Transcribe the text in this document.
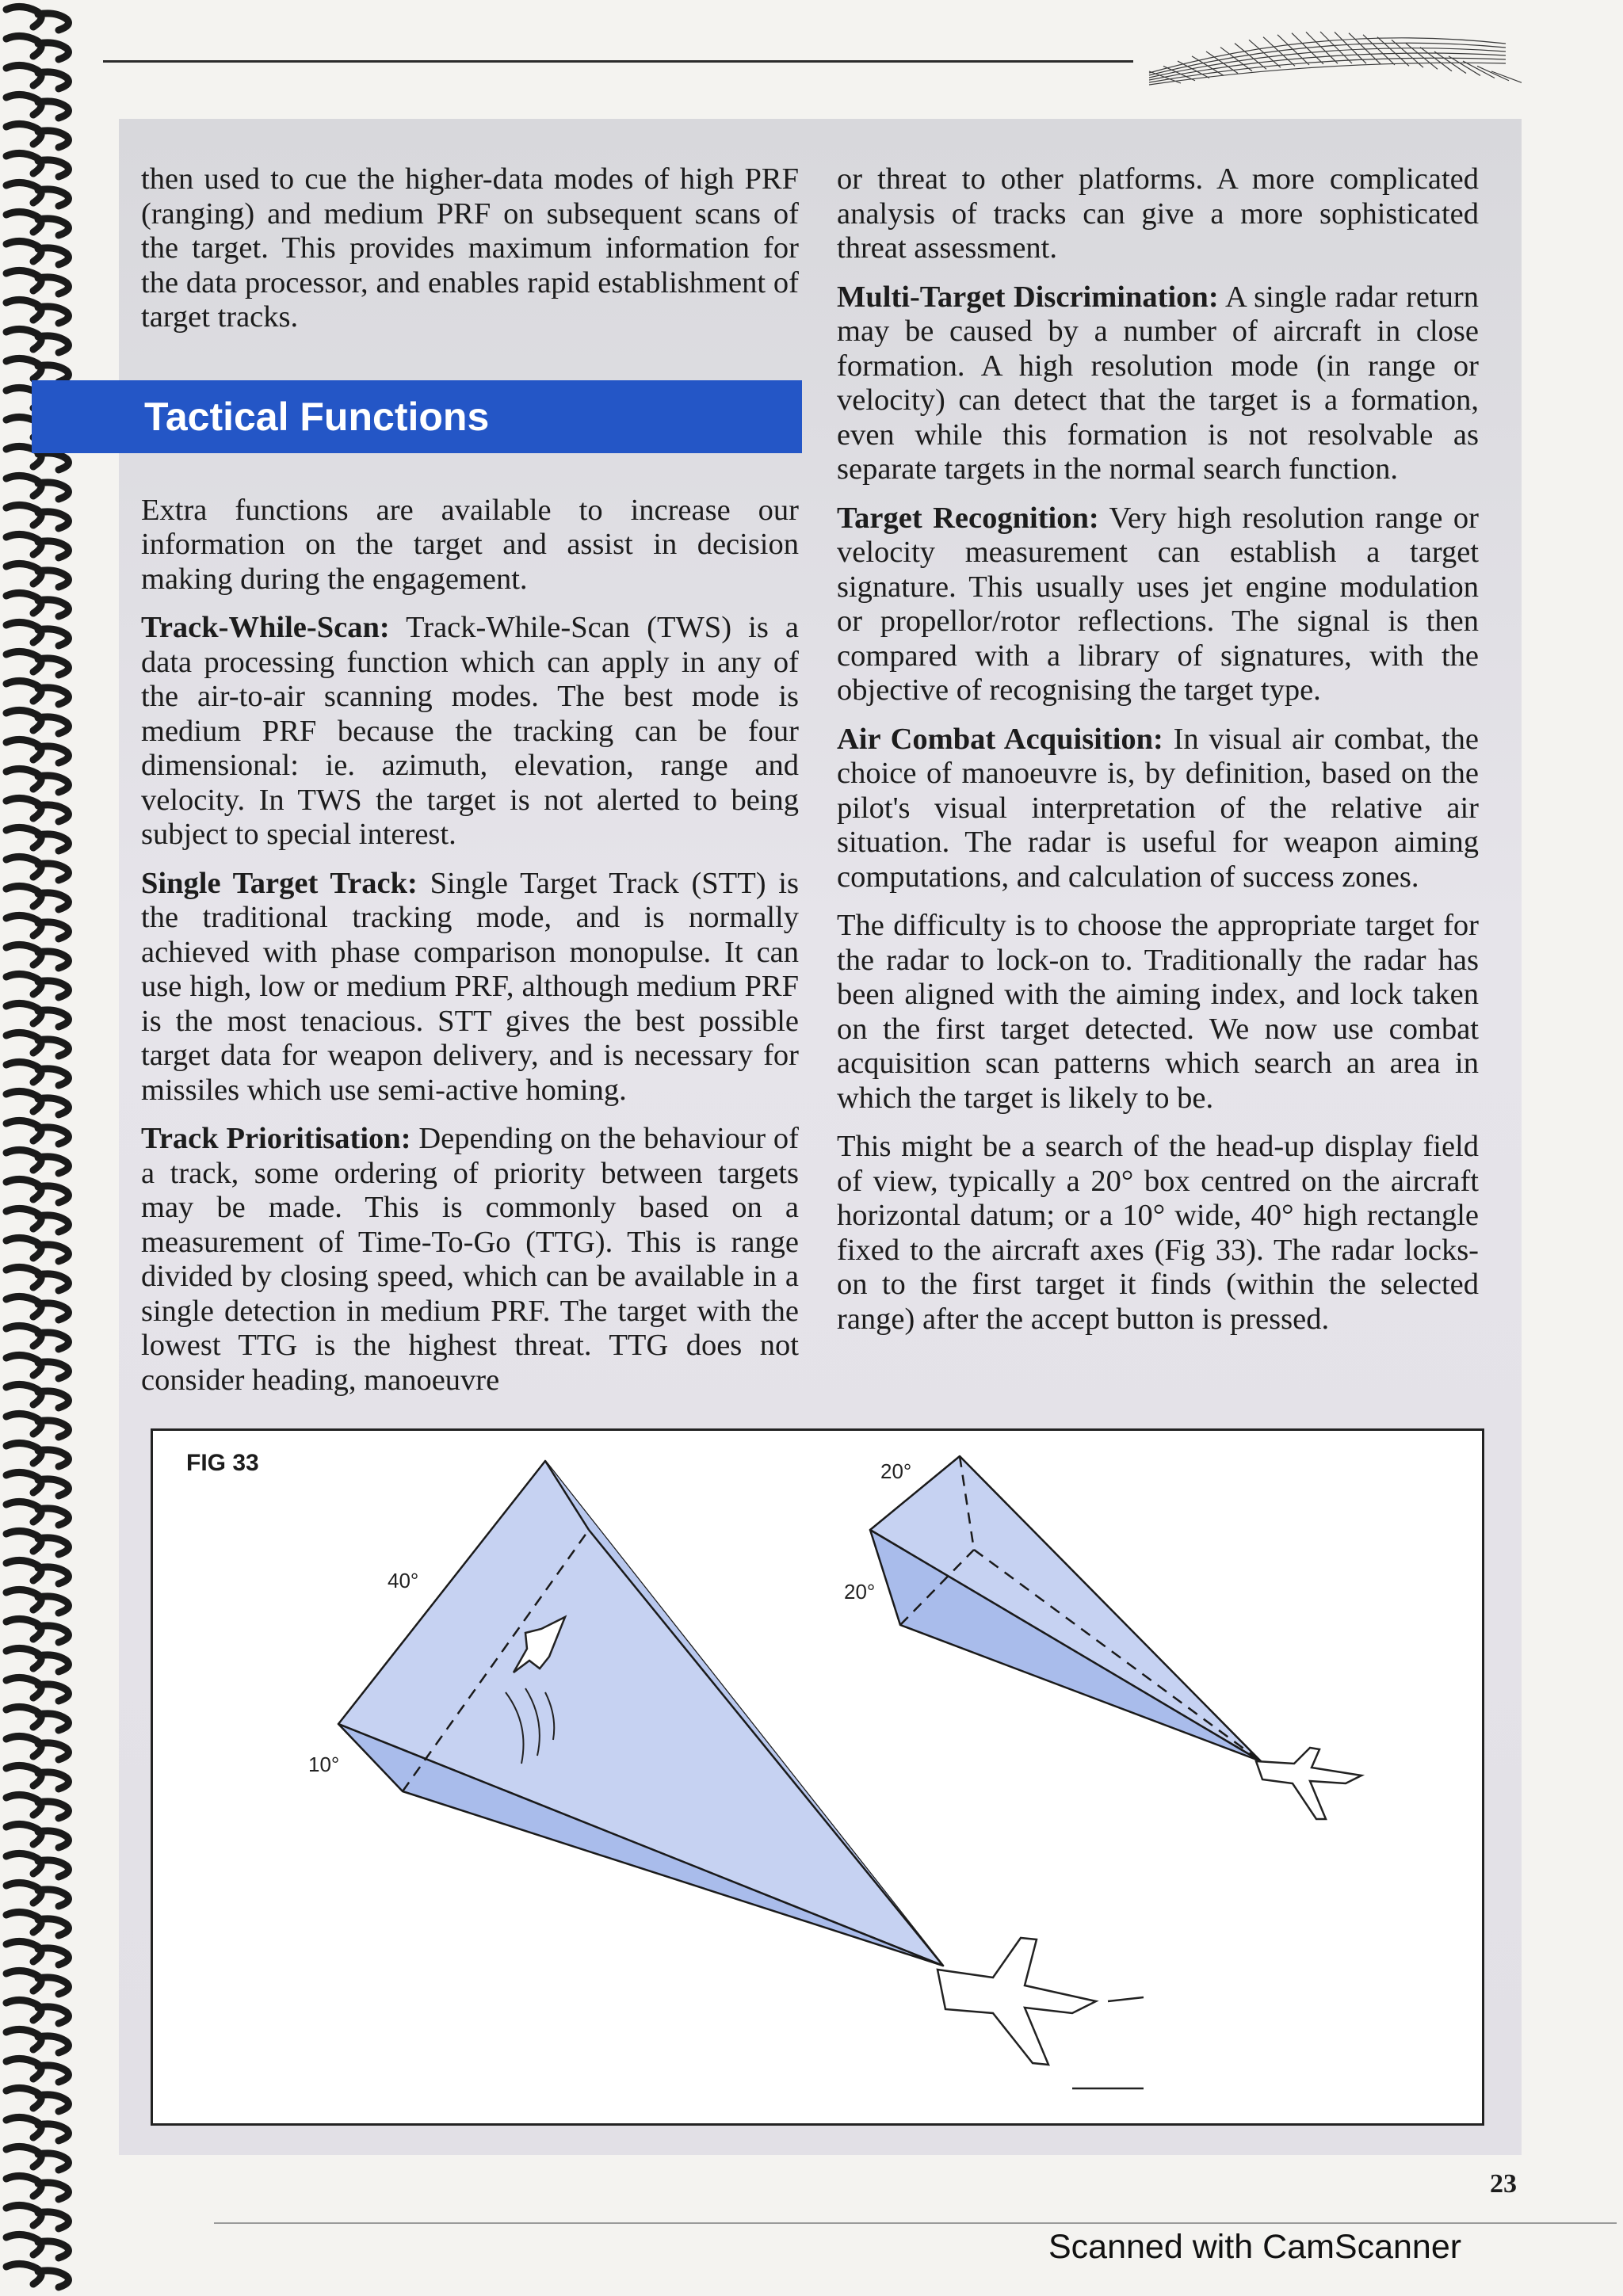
Tactical Functions

then used to cue the higher-data modes of high PRF (ranging) and medium PRF on subsequent scans of the target. This provides maximum information for the data processor, and enables rapid establishment of target tracks.

Extra functions are available to increase our information on the target and assist in decision making during the engagement.

Track-While-Scan: Track-While-Scan (TWS) is a data processing function which can apply in any of the air-to-air scanning modes. The best mode is medium PRF because the tracking can be four dimensional: ie. azimuth, elevation, range and velocity. In TWS the target is not alerted to being subject to special interest.

Single Target Track: Single Target Track (STT) is the traditional tracking mode, and is normally achieved with phase comparison monopulse. It can use high, low or medium PRF, although medium PRF is the most tenacious. STT gives the best possible target data for weapon delivery, and is necessary for missiles which use semi-active homing.

Track Prioritisation: Depending on the behaviour of a track, some ordering of priority between targets may be made. This is commonly based on a measurement of Time-To-Go (TTG). This is range divided by closing speed, which can be available in a single detection in medium PRF. The target with the lowest TTG is the highest threat. TTG does not consider heading, manoeuvre

or threat to other platforms. A more complicated analysis of tracks can give a more sophisticated threat assessment.

Multi-Target Discrimination: A single radar return may be caused by a number of aircraft in close formation. A high resolution mode (in range or velocity) can detect that the target is a formation, even while this formation is not resolvable as separate targets in the normal search function.

Target Recognition: Very high resolution range or velocity measurement can establish a target signature. This usually uses jet engine modulation or propellor/rotor reflections. The signal is then compared with a library of signatures, with the objective of recognising the target type.

Air Combat Acquisition: In visual air combat, the choice of manoeuvre is, by definition, based on the pilot's visual interpretation of the relative air situation. The radar is useful for weapon aiming computations, and calculation of success zones.

The difficulty is to choose the appropriate target for the radar to lock-on to. Traditionally the radar has been aligned with the aiming index, and lock taken on the first target detected. We now use combat acquisition scan patterns which search an area in which the target is likely to be.

This might be a search of the head-up display field of view, typically a 20° box centred on the aircraft horizontal datum; or a 10° wide, 40° high rectangle fixed to the aircraft axes (Fig 33). The radar locks-on to the first target it finds (within the selected range) after the accept button is pressed.

40°
10°
20°
20°
FIG 33
23
Scanned with CamScanner
